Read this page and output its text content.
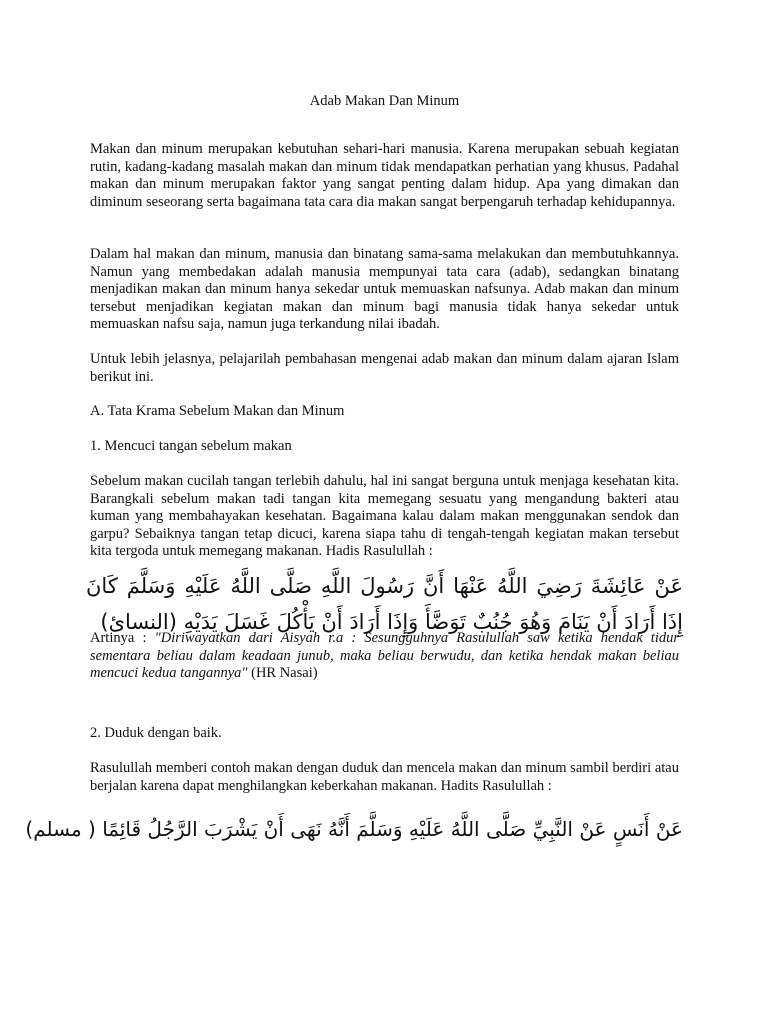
Adab Makan Dan Minum
Makan dan minum merupakan kebutuhan sehari-hari manusia. Karena merupakan sebuah kegiatan rutin, kadang-kadang masalah makan dan minum tidak mendapatkan perhatian yang khusus. Padahal makan dan minum merupakan faktor yang sangat penting dalam hidup. Apa yang dimakan dan diminum seseorang serta bagaimana tata cara dia makan sangat berpengaruh terhadap kehidupannya.
Dalam hal makan dan minum, manusia dan binatang sama-sama melakukan dan membutuhkannya. Namun yang membedakan adalah manusia mempunyai tata cara (adab), sedangkan binatang menjadikan makan dan minum hanya sekedar untuk memuaskan nafsunya. Adab makan dan minum tersebut menjadikan kegiatan makan dan minum bagi manusia tidak hanya sekedar untuk memuaskan nafsu saja, namun juga terkandung nilai ibadah.
Untuk lebih jelasnya, pelajarilah pembahasan mengenai adab makan dan minum dalam ajaran Islam berikut ini.
A. Tata Krama Sebelum Makan dan Minum
1. Mencuci tangan sebelum makan
Sebelum makan cucilah tangan terlebih dahulu, hal ini sangat berguna untuk menjaga kesehatan kita. Barangkali sebelum makan tadi tangan kita memegang sesuatu yang mengandung bakteri atau kuman yang membahayakan kesehatan. Bagaimana kalau dalam makan menggunakan sendok dan garpu? Sebaiknya tangan tetap dicuci, karena siapa tahu di tengah-tengah kegiatan makan tersebut kita tergoda untuk memegang makanan. Hadis Rasulullah :
عَنْ عَائِشَةَ رَضِيَ اللَّهُ عَنْهَا أَنَّ رَسُولَ اللَّهِ صَلَّى اللَّهُ عَلَيْهِ وَسَلَّمَ كَانَ إِذَا أَرَادَ أَنْ يَنَامَ وَهُوَ جُنُبٌ تَوَضَّأَ وَإِذَا أَرَادَ أَنْ يَأْكُلَ غَسَلَ يَدَيْهِ (النساىٔ)
Artinya : "Diriwayatkan dari Aisyah r.a : Sesungguhnya Rasulullah saw ketika hendak tidur sementara beliau dalam keadaan junub, maka beliau berwudu, dan ketika hendak makan beliau mencuci kedua tangannya" (HR Nasai)
2. Duduk dengan baik.
Rasulullah memberi contoh makan dengan duduk dan mencela makan dan minum sambil berdiri atau berjalan karena dapat menghilangkan keberkahan makanan. Hadits Rasulullah :
عَنْ أَنَسٍ عَنْ النَّبِيِّ صَلَّى اللَّهُ عَلَيْهِ وَسَلَّمَ أَنَّهُ نَهَى أَنْ يَشْرَبَ الرَّجُلُ قَائِمًا ( مسلم)
